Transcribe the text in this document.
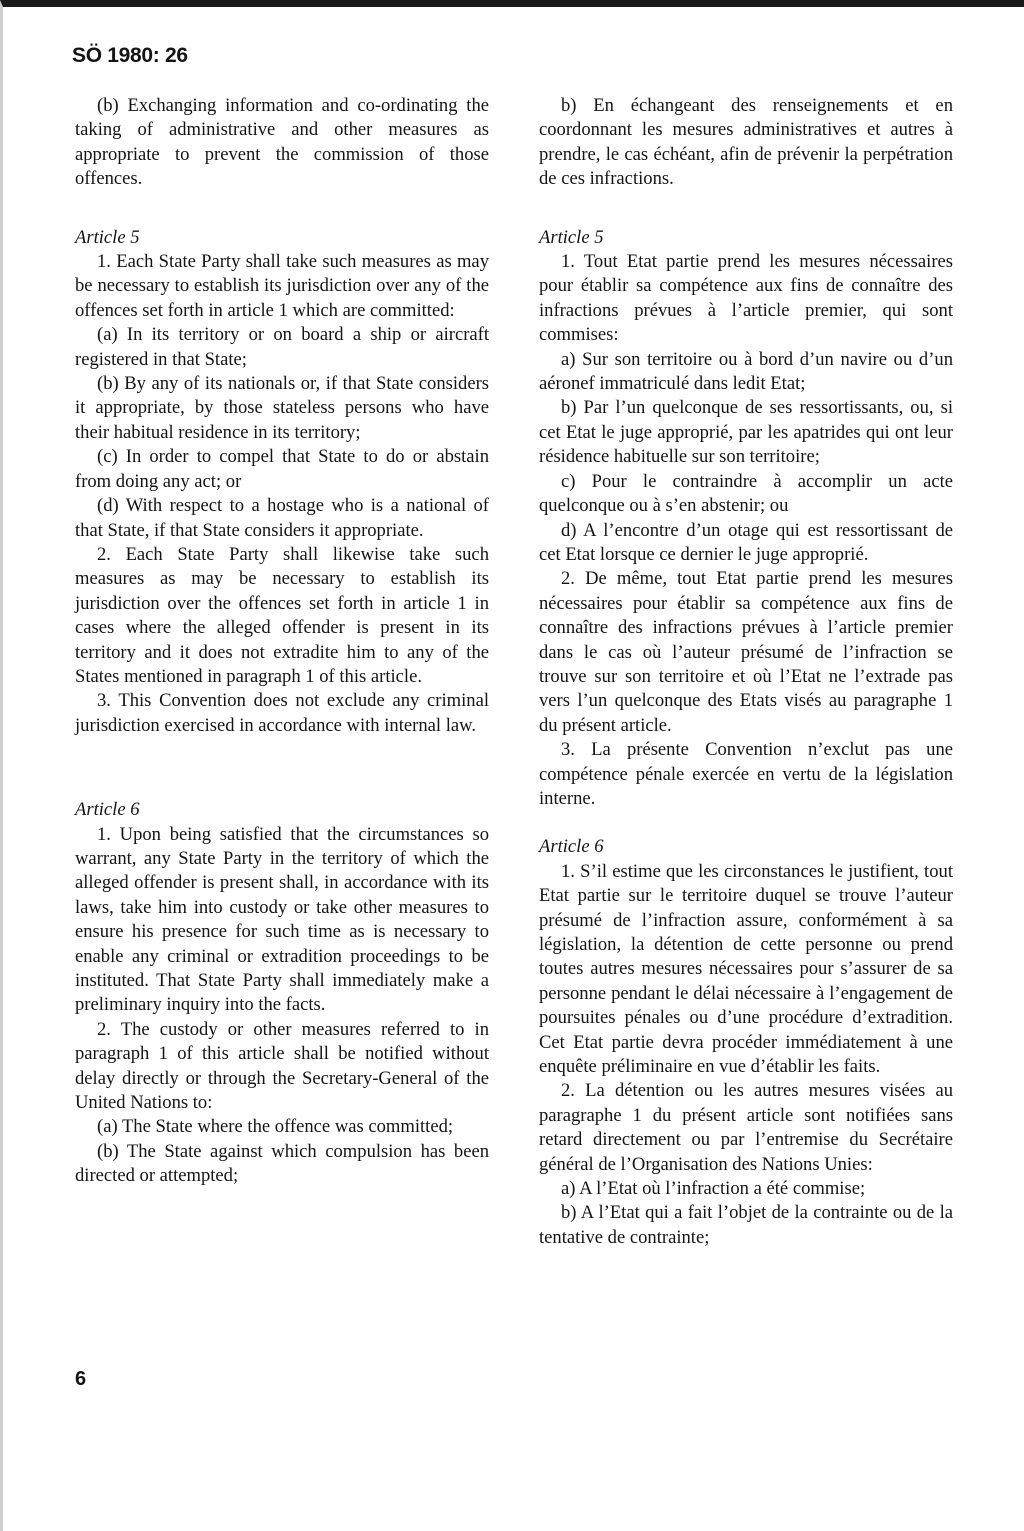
SÖ 1980: 26

(b) Exchanging information and co-ordinating the taking of administrative and other measures as appropriate to prevent the commission of those offences.

Article 5

1. Each State Party shall take such measures as may be necessary to establish its jurisdiction over any of the offences set forth in article 1 which are committed:

(a) In its territory or on board a ship or aircraft registered in that State;

(b) By any of its nationals or, if that State considers it appropriate, by those stateless persons who have their habitual residence in its territory;

(c) In order to compel that State to do or abstain from doing any act; or

(d) With respect to a hostage who is a national of that State, if that State considers it appropriate.

2. Each State Party shall likewise take such measures as may be necessary to establish its jurisdiction over the offences set forth in article 1 in cases where the alleged offender is present in its territory and it does not extradite him to any of the States mentioned in paragraph 1 of this article.

3. This Convention does not exclude any criminal jurisdiction exercised in accordance with internal law.

Article 6

1. Upon being satisfied that the circumstances so warrant, any State Party in the territory of which the alleged offender is present shall, in accordance with its laws, take him into custody or take other measures to ensure his presence for such time as is necessary to enable any criminal or extradition proceedings to be instituted. That State Party shall immediately make a preliminary inquiry into the facts.

2. The custody or other measures referred to in paragraph 1 of this article shall be notified without delay directly or through the Secretary-General of the United Nations to:

(a) The State where the offence was committed;

(b) The State against which compulsion has been directed or attempted;

b) En échangeant des renseignements et en coordonnant les mesures administratives et autres à prendre, le cas échéant, afin de prévenir la perpétration de ces infractions.

Article 5

1. Tout Etat partie prend les mesures nécessaires pour établir sa compétence aux fins de connaître des infractions prévues à l’article premier, qui sont commises:

a) Sur son territoire ou à bord d’un navire ou d’un aéronef immatriculé dans ledit Etat;

b) Par l’un quelconque de ses ressortissants, ou, si cet Etat le juge approprié, par les apatrides qui ont leur résidence habituelle sur son territoire;

c) Pour le contraindre à accomplir un acte quelconque ou à s’en abstenir; ou

d) A l’encontre d’un otage qui est ressortissant de cet Etat lorsque ce dernier le juge approprié.

2. De même, tout Etat partie prend les mesures nécessaires pour établir sa compétence aux fins de connaître des infractions prévues à l’article premier dans le cas où l’auteur présumé de l’infraction se trouve sur son territoire et où l’Etat ne l’extrade pas vers l’un quelconque des Etats visés au paragraphe 1 du présent article.

3. La présente Convention n’exclut pas une compétence pénale exercée en vertu de la législation interne.

Article 6

1. S’il estime que les circonstances le justifient, tout Etat partie sur le territoire duquel se trouve l’auteur présumé de l’infraction assure, conformément à sa législation, la détention de cette personne ou prend toutes autres mesures nécessaires pour s’assurer de sa personne pendant le délai nécessaire à l’engagement de poursuites pénales ou d’une procédure d’extradition. Cet Etat partie devra procéder immédiatement à une enquête préliminaire en vue d’établir les faits.

2. La détention ou les autres mesures visées au paragraphe 1 du présent article sont notifiées sans retard directement ou par l’entremise du Secrétaire général de l’Organisation des Nations Unies:

a) A l’Etat où l’infraction a été commise;

b) A l’Etat qui a fait l’objet de la contrainte ou de la tentative de contrainte;

6
